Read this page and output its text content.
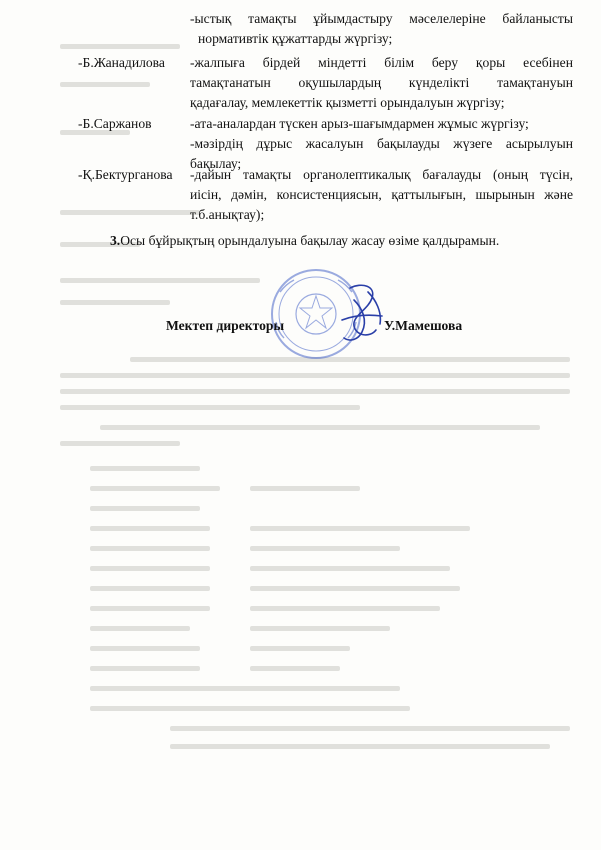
-ыстық тамақты ұйымдастыру мәселелеріне байланысты
нормативтік құжаттарды жүргізу;
-Б.Жанадилова -жалпыға бірдей міндетті білім беру қоры есебінен
тамақтанатын оқушылардың күнделікті тамақтануын
қадағалау, мемлекеттік қызметті орындалуын жүргізу;
-Б.Саржанов	-ата-аналардан түскен арыз-шағымдармен жұмыс жүргізу;
-мәзірдің дұрыс жасалуын бақылауды жүзеге асырылуын
бақылау;
-Қ.Бектурганова -дайын тамақты органолептикалық бағалауды (оның түсін,
иісін, дәмін, консистенциясын, қаттылығын, шырынын және
т.б.анықтау);
3.Осы бұйрықтың орындалуына бақылау жасау өзіме қалдырамын.
Мектеп директоры	У.Мамешова
